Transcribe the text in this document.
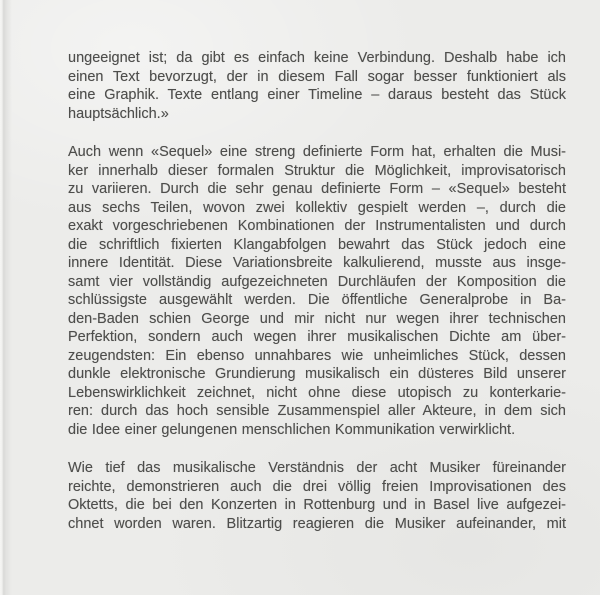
ungeeignet ist; da gibt es einfach keine Verbindung. Deshalb habe ich
einen Text bevorzugt, der in diesem Fall sogar besser funktioniert als
eine Graphik. Texte entlang einer Timeline – daraus besteht das Stück
hauptsächlich.»
Auch wenn «Sequel» eine streng definierte Form hat, erhalten die Musi-
ker innerhalb dieser formalen Struktur die Möglichkeit, improvisatorisch
zu variieren. Durch die sehr genau definierte Form – «Sequel» besteht
aus sechs Teilen, wovon zwei kollektiv gespielt werden –, durch die
exakt vorgeschriebenen Kombinationen der Instrumentalisten und durch
die schriftlich fixierten Klangabfolgen bewahrt das Stück jedoch eine
innere Identität. Diese Variationsbreite kalkulierend, musste aus insge-
samt vier vollständig aufgezeichneten Durchläufen der Komposition die
schlüssigste ausgewählt werden. Die öffentliche Generalprobe in Ba-
den-Baden schien George und mir nicht nur wegen ihrer technischen
Perfektion, sondern auch wegen ihrer musikalischen Dichte am über-
zeugendsten: Ein ebenso unnahbares wie unheimliches Stück, dessen
dunkle elektronische Grundierung musikalisch ein düsteres Bild unserer
Lebenswirklichkeit zeichnet, nicht ohne diese utopisch zu konterkarie-
ren: durch das hoch sensible Zusammenspiel aller Akteure, in dem sich
die Idee einer gelungenen menschlichen Kommunikation verwirklicht.
Wie tief das musikalische Verständnis der acht Musiker füreinander
reichte, demonstrieren auch die drei völlig freien Improvisationen des
Oktetts, die bei den Konzerten in Rottenburg und in Basel live aufgezei-
chnet worden waren. Blitzartig reagieren die Musiker aufeinander, mit
